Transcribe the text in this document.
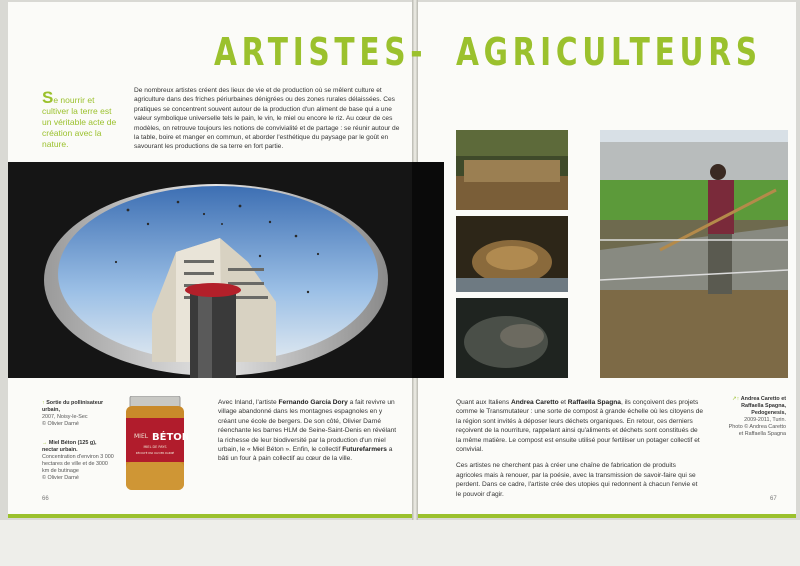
ARTISTES- AGRICULTEURS
Se nourrir et cultiver la terre est un véritable acte de création avec la nature.
De nombreux artistes créent des lieux de vie et de production où se mêlent culture et agriculture dans des friches périurbaines dénigrées ou des zones rurales délaissées. Ces pratiques se concentrent souvent autour de la production d'un aliment de base qui a une valeur symbolique universelle tels le pain, le vin, le miel ou encore le riz. Au cœur de ces modèles, on retrouve toujours les notions de convivialité et de partage : se réunir autour de la table, boire et manger en commun, et aborder l'esthétique du paysage par le goût en savourant les productions de sa terre en fort partie.
↑ Sortie du pollinisateur urbain,
2007, Noisy-le-Sec
© Olivier Darné
→ Miel Béton (125 g), nectar urbain.
Concentration d'environ 3 000 hectares de ville et de 3000 km de butinage
© Olivier Darné
MIEL BÉTON
MIEL DE PAYS
RÉCOLTÉ PAR OLIVIER DARNÉ
Avec Inland, l'artiste Fernando García Dory a fait revivre un village abandonné dans les montagnes espagnoles en y créant une école de bergers. De son côté, Olivier Darné réenchante les barres HLM de Seine-Saint-Denis en révélant la richesse de leur biodiversité par la production d'un miel urbain, le « Miel Béton ». Enfin, le collectif Futurefarmers a bâti un four à pain collectif au cœur de la ville.
↗↑ Andrea Caretto et Raffaella Spagna, Pedogenesis,
2009-2011, Turin.
Photo © Andrea Caretto et Raffaella Spagna

Quant aux Italiens Andrea Caretto et Raffaella Spagna, ils conçoivent des projets comme le Transmutateur : une sorte de compost à grande échelle où les citoyens de la région sont invités à déposer leurs déchets organiques. En retour, ces derniers reçoivent de la nourriture, rappelant ainsi qu'aliments et déchets sont constitués de la même matière. Le compost est ensuite utilisé pour fertiliser un potager collectif et convivial.

Ces artistes ne cherchent pas à créer une chaîne de fabrication de produits agricoles mais à renouer, par la poésie, avec la transmission de savoir-faire qui se perdent. Dans ce cadre, l'artiste crée des utopies qui redonnent à chacun l'envie et le pouvoir d'agir.

66	67
